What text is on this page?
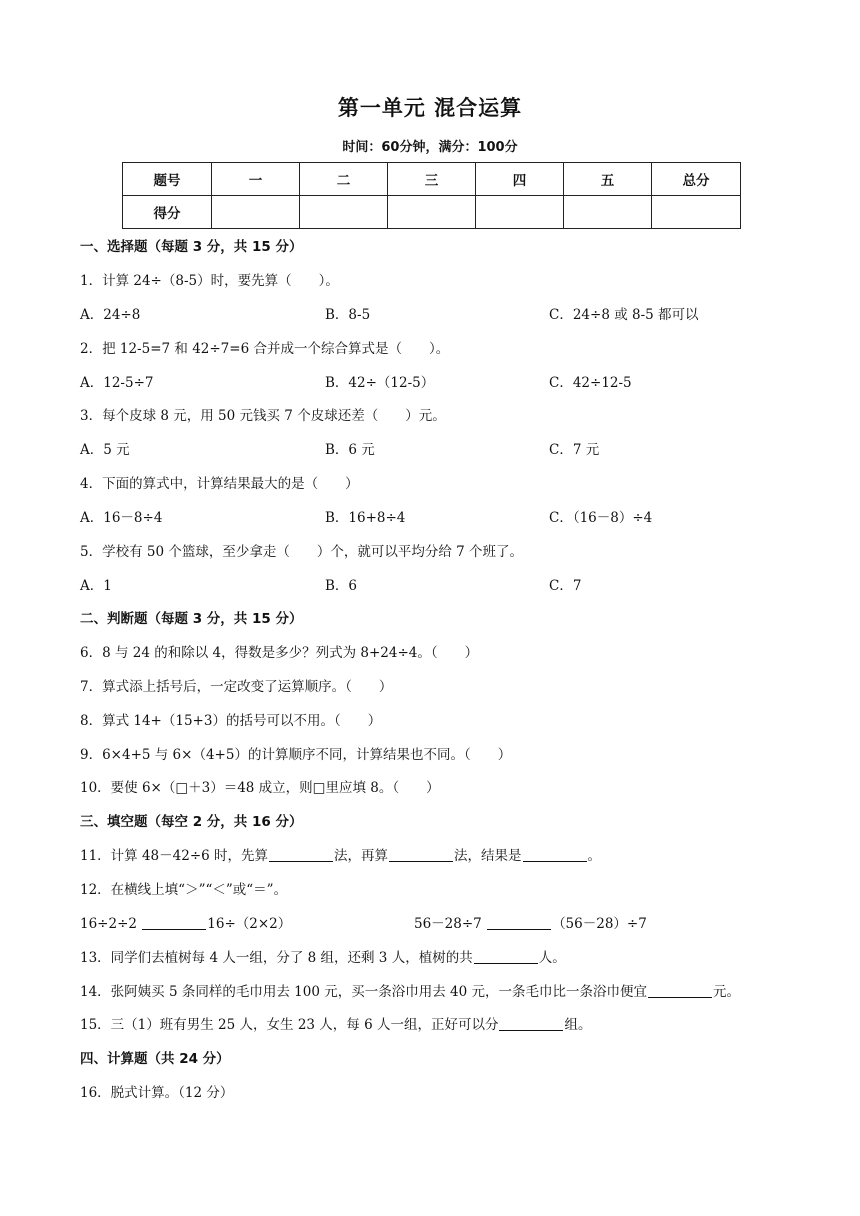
第一单元 混合运算
时间：60分钟，满分：100分
题号	一	二	三	四	五	总分
得分						
一、选择题（每题 3 分，共 15 分）
1．计算 24÷（8-5）时，要先算（　　）。
A．24÷8	B．8-5	C．24÷8 或 8-5 都可以
2．把 12-5=7 和 42÷7=6 合并成一个综合算式是（　　）。
A．12-5÷7	B．42÷（12-5）	C．42÷12-5
3．每个皮球 8 元，用 50 元钱买 7 个皮球还差（　　）元。
A．5 元	B．6 元	C．7 元
4．下面的算式中，计算结果最大的是（　　）
A．16－8÷4	B．16+8÷4	C．（16－8）÷4
5．学校有 50 个篮球，至少拿走（　　）个，就可以平均分给 7 个班了。
A．1	B．6	C．7
二、判断题（每题 3 分，共 15 分）
6．8 与 24 的和除以 4，得数是多少？列式为 8+24÷4。（　　）
7．算式添上括号后，一定改变了运算顺序。（　　）
8．算式 14+（15+3）的括号可以不用。（　　）
9．6×4+5 与 6×（4+5）的计算顺序不同，计算结果也不同。（　　）
10．要使 6×（□＋3）＝48 成立，则□里应填 8。（　　）
三、填空题（每空 2 分，共 16 分）
11．计算 48－42÷6 时，先算	法，再算	法，结果是	。
12．在横线上填“＞”“＜”或“＝”。
16÷2÷2	16÷（2×2）	56－28÷7	（56－28）÷7
13．同学们去植树每 4 人一组，分了 8 组，还剩 3 人，植树的共	人。
14．张阿姨买 5 条同样的毛巾用去 100 元，买一条浴巾用去 40 元，一条毛巾比一条浴巾便宜	元。
15．三（1）班有男生 25 人，女生 23 人，每 6 人一组，正好可以分	组。
四、计算题（共 24 分）
16．脱式计算。（12 分）
